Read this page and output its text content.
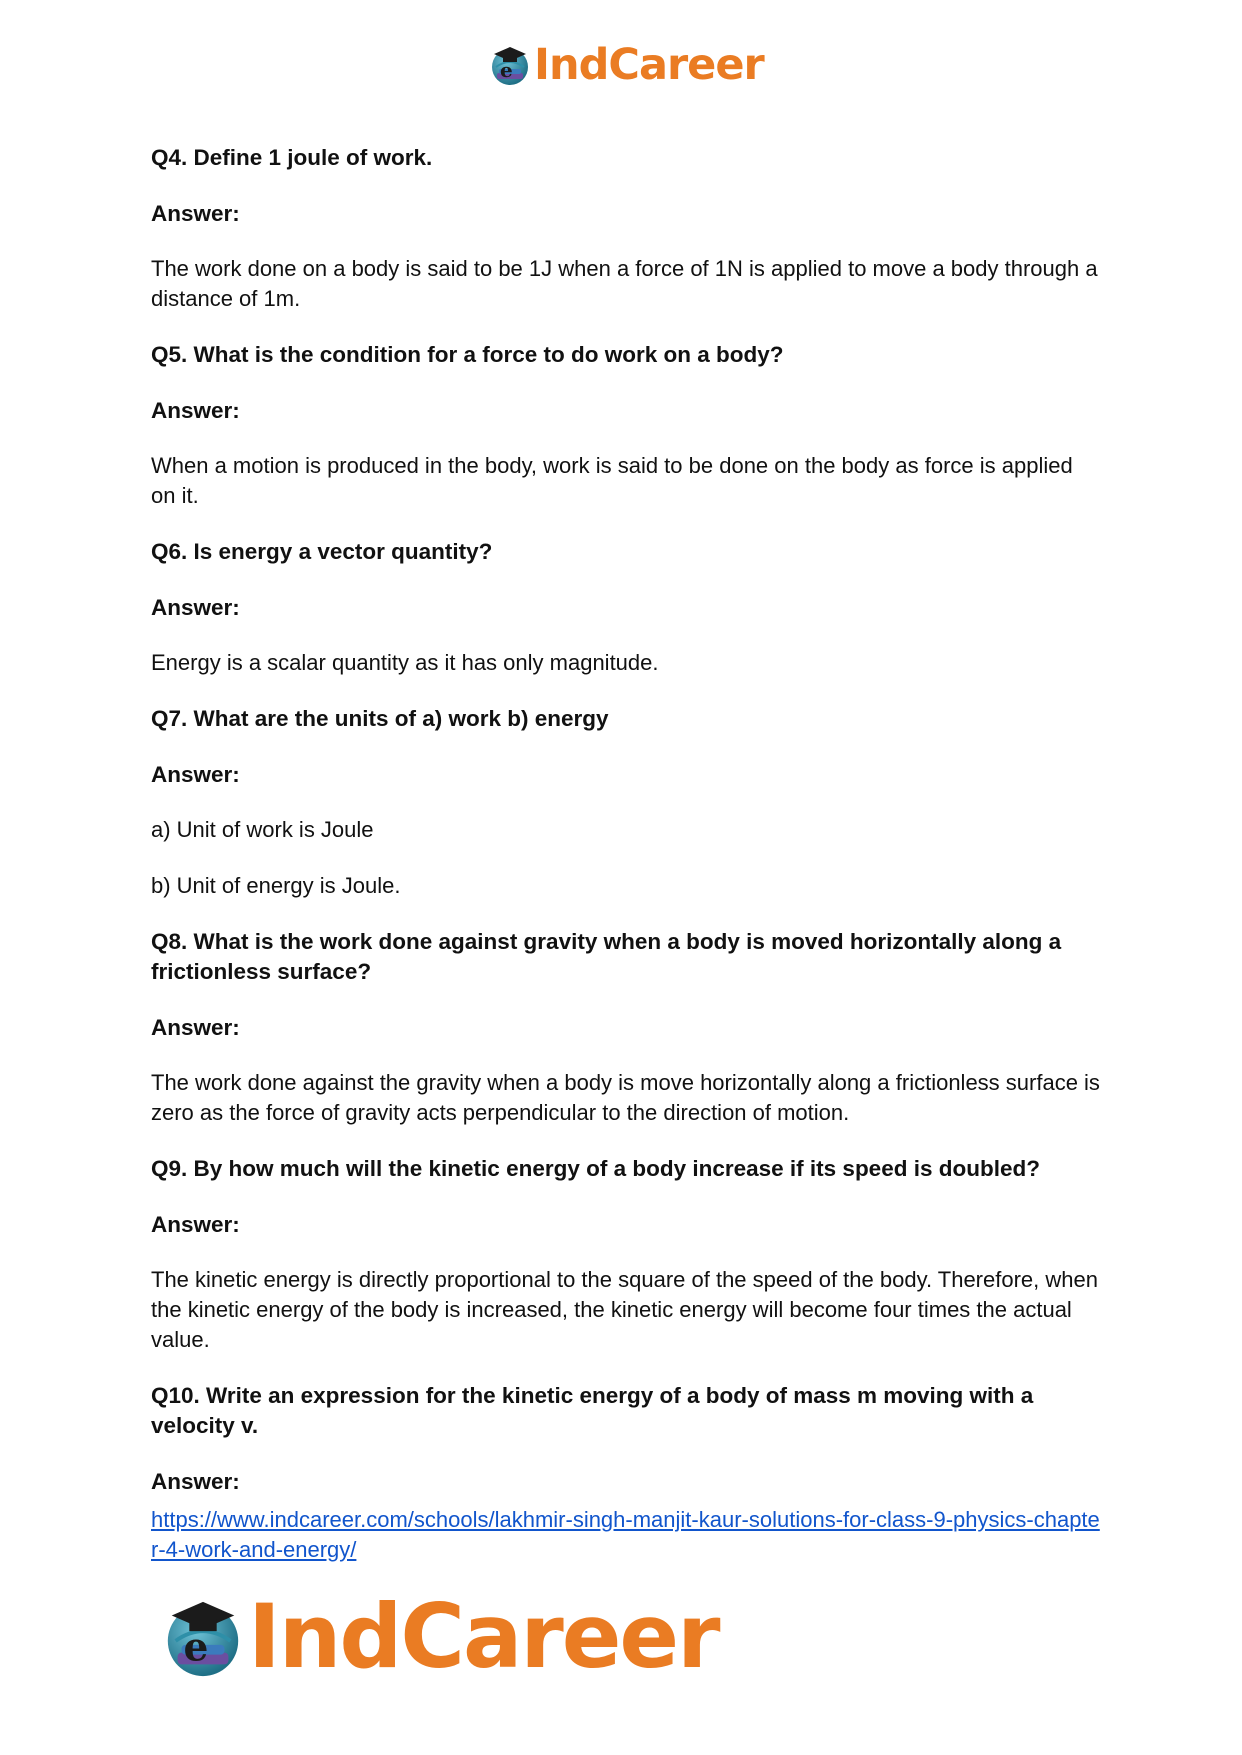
e IndCareer
Q4. Define 1 joule of work.
Answer:
The work done on a body is said to be 1J when a force of 1N is applied to move a body through a distance of 1m.
Q5. What is the condition for a force to do work on a body?
Answer:
When a motion is produced in the body, work is said to be done on the body as force is applied on it.
Q6. Is energy a vector quantity?
Answer:
Energy is a scalar quantity as it has only magnitude.
Q7. What are the units of a) work b) energy
Answer:
a) Unit of work is Joule
b) Unit of energy is Joule.
Q8. What is the work done against gravity when a body is moved horizontally along a frictionless surface?
Answer:
The work done against the gravity when a body is move horizontally along a frictionless surface is zero as the force of gravity acts perpendicular to the direction of motion.
Q9. By how much will the kinetic energy of a body increase if its speed is doubled?
Answer:
The kinetic energy is directly proportional to the square of the speed of the body. Therefore, when the kinetic energy of the body is increased, the kinetic energy will become four times the actual value.
Q10. Write an expression for the kinetic energy of a body of mass m moving with a velocity v.
Answer:
https://www.indcareer.com/schools/lakhmir-singh-manjit-kaur-solutions-for-class-9-physics-chapter-4-work-and-energy/
e IndCareer
